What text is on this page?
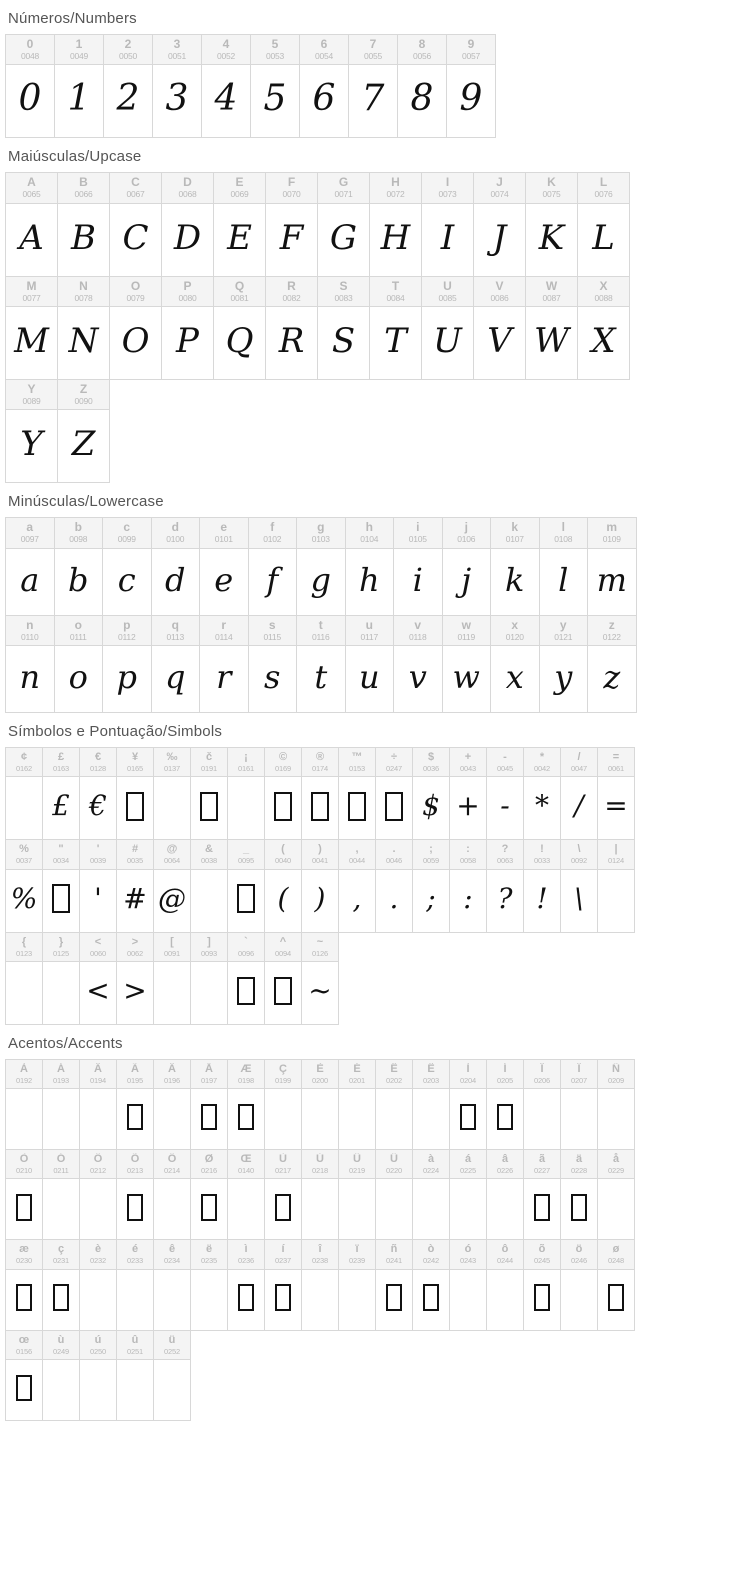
Números/Numbers
0
0048
0
1
0049
1
2
0050
2
3
0051
3
4
0052
4
5
0053
5
6
0054
6
7
0055
7
8
0056
8
9
0057
9
Maiúsculas/Upcase
A
0065
A
B
0066
B
C
0067
C
D
0068
D
E
0069
E
F
0070
F
G
0071
G
H
0072
H
I
0073
I
J
0074
J
K
0075
K
L
0076
L
M
0077
M
N
0078
N
O
0079
O
P
0080
P
Q
0081
Q
R
0082
R
S
0083
S
T
0084
T
U
0085
U
V
0086
V
W
0087
W
X
0088
X
Y
0089
Y
Z
0090
Z
Minúsculas/Lowercase
a
0097
a
b
0098
b
c
0099
c
d
0100
d
e
0101
e
f
0102
f
g
0103
g
h
0104
h
i
0105
i
j
0106
j
k
0107
k
l
0108
l
m
0109
m
n
0110
n
o
0111
o
p
0112
p
q
0113
q
r
0114
r
s
0115
s
t
0116
t
u
0117
u
v
0118
v
w
0119
w
x
0120
x
y
0121
y
z
0122
z
Símbolos e Pontuação/Simbols
¢
0162
£
0163
£
€
0128
€
¥
0165
‰
0137
č
0191
¡
0161
©
0169
®
0174
™
0153
÷
0247
$
0036
$
+
0043
+
-
0045
-
*
0042
*
/
0047
/
=
0061
=
%
0037
%
"
0034
'
0039
'
#
0035
#
@
0064
@
&
0038
_
0095
(
0040
(
)
0041
)
,
0044
,
.
0046
.
;
0059
;
:
0058
:
?
0063
?
!
0033
!
\
0092
\
|
0124
{
0123
}
0125
<
0060
<
>
0062
>
[
0091
]
0093
`
0096
^
0094
~
0126
~
Acentos/Accents
À
0192
Á
0193
Â
0194
Ã
0195
Ä
0196
Å
0197
Æ
0198
Ç
0199
È
0200
É
0201
Ê
0202
Ë
0203
Ì
0204
Í
0205
Î
0206
Ï
0207
Ñ
0209
Ò
0210
Ó
0211
Ô
0212
Õ
0213
Ö
0214
Ø
0216
Œ
0140
Ù
0217
Ú
0218
Û
0219
Ü
0220
à
0224
á
0225
â
0226
ã
0227
ä
0228
å
0229
æ
0230
ç
0231
è
0232
é
0233
ê
0234
ë
0235
ì
0236
í
0237
î
0238
ï
0239
ñ
0241
ò
0242
ó
0243
ô
0244
õ
0245
ö
0246
ø
0248
œ
0156
ù
0249
ú
0250
û
0251
ü
0252
